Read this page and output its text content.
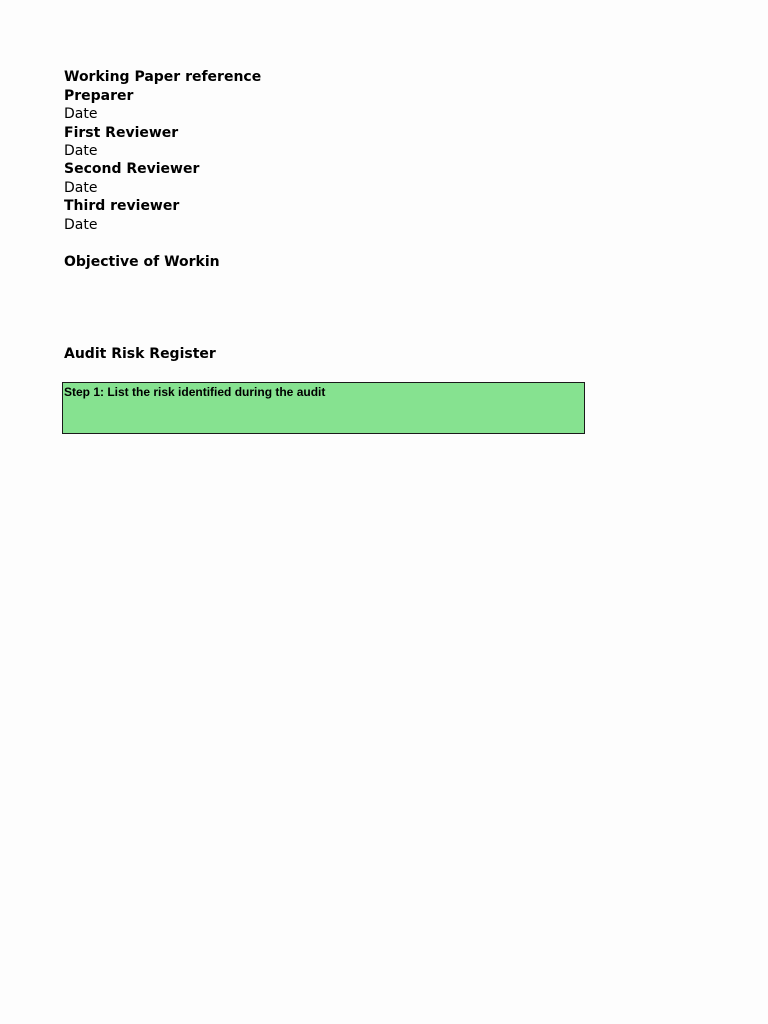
Working Paper reference
Preparer
Date
First Reviewer
Date
Second Reviewer
Date
Third reviewer
Date
Objective of Workin
Audit Risk Register
Step 1: List the risk identified during the audit
